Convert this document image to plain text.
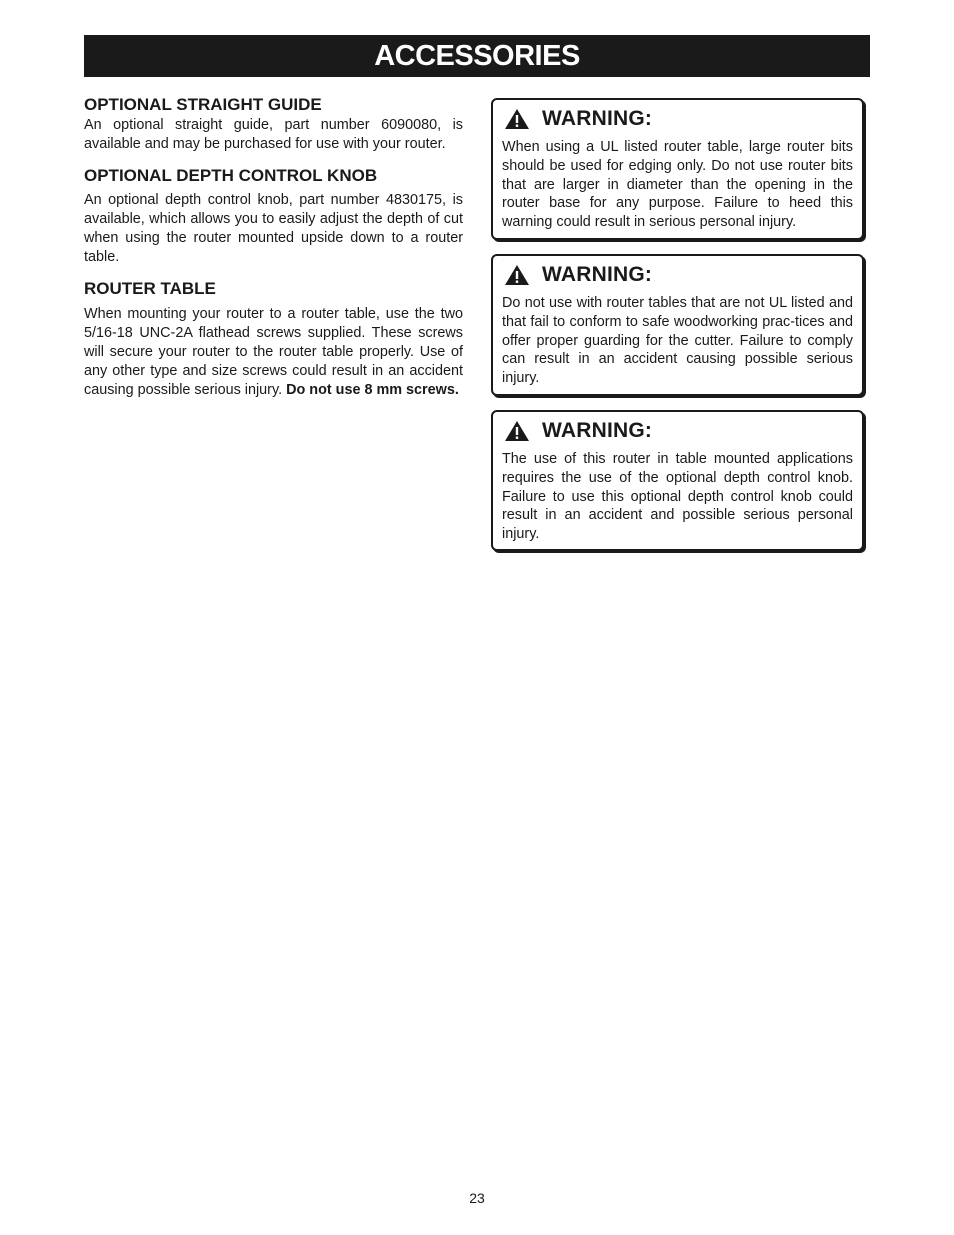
ACCESSORIES
OPTIONAL STRAIGHT GUIDE

An optional straight guide, part number 6090080, is available and may be purchased for use with your router.

OPTIONAL DEPTH CONTROL KNOB

An optional depth control knob, part number 4830175, is available, which allows you to easily adjust the depth of cut when using the router mounted upside down to a router table.

ROUTER TABLE

When mounting your router to a router table, use the two 5/16-18 UNC-2A flathead screws supplied. These screws will secure your router to the router table properly. Use of any other type and size screws could result in an accident causing possible serious injury. Do not use 8 mm screws.

WARNING:

When using a UL listed router table, large router bits should be used for edging only. Do not use router bits that are larger in diameter than the opening in the router base for any purpose. Failure to heed this warning could result in serious personal injury.

WARNING:

Do not use with router tables that are not UL listed and that fail to conform to safe woodworking prac-tices and offer proper guarding for the cutter. Failure to comply can result in an accident causing possible serious injury.

WARNING:

The use of this router in table mounted applications requires the use of the optional depth control knob. Failure to use this optional depth control knob could result in an accident and possible serious personal injury.

23
